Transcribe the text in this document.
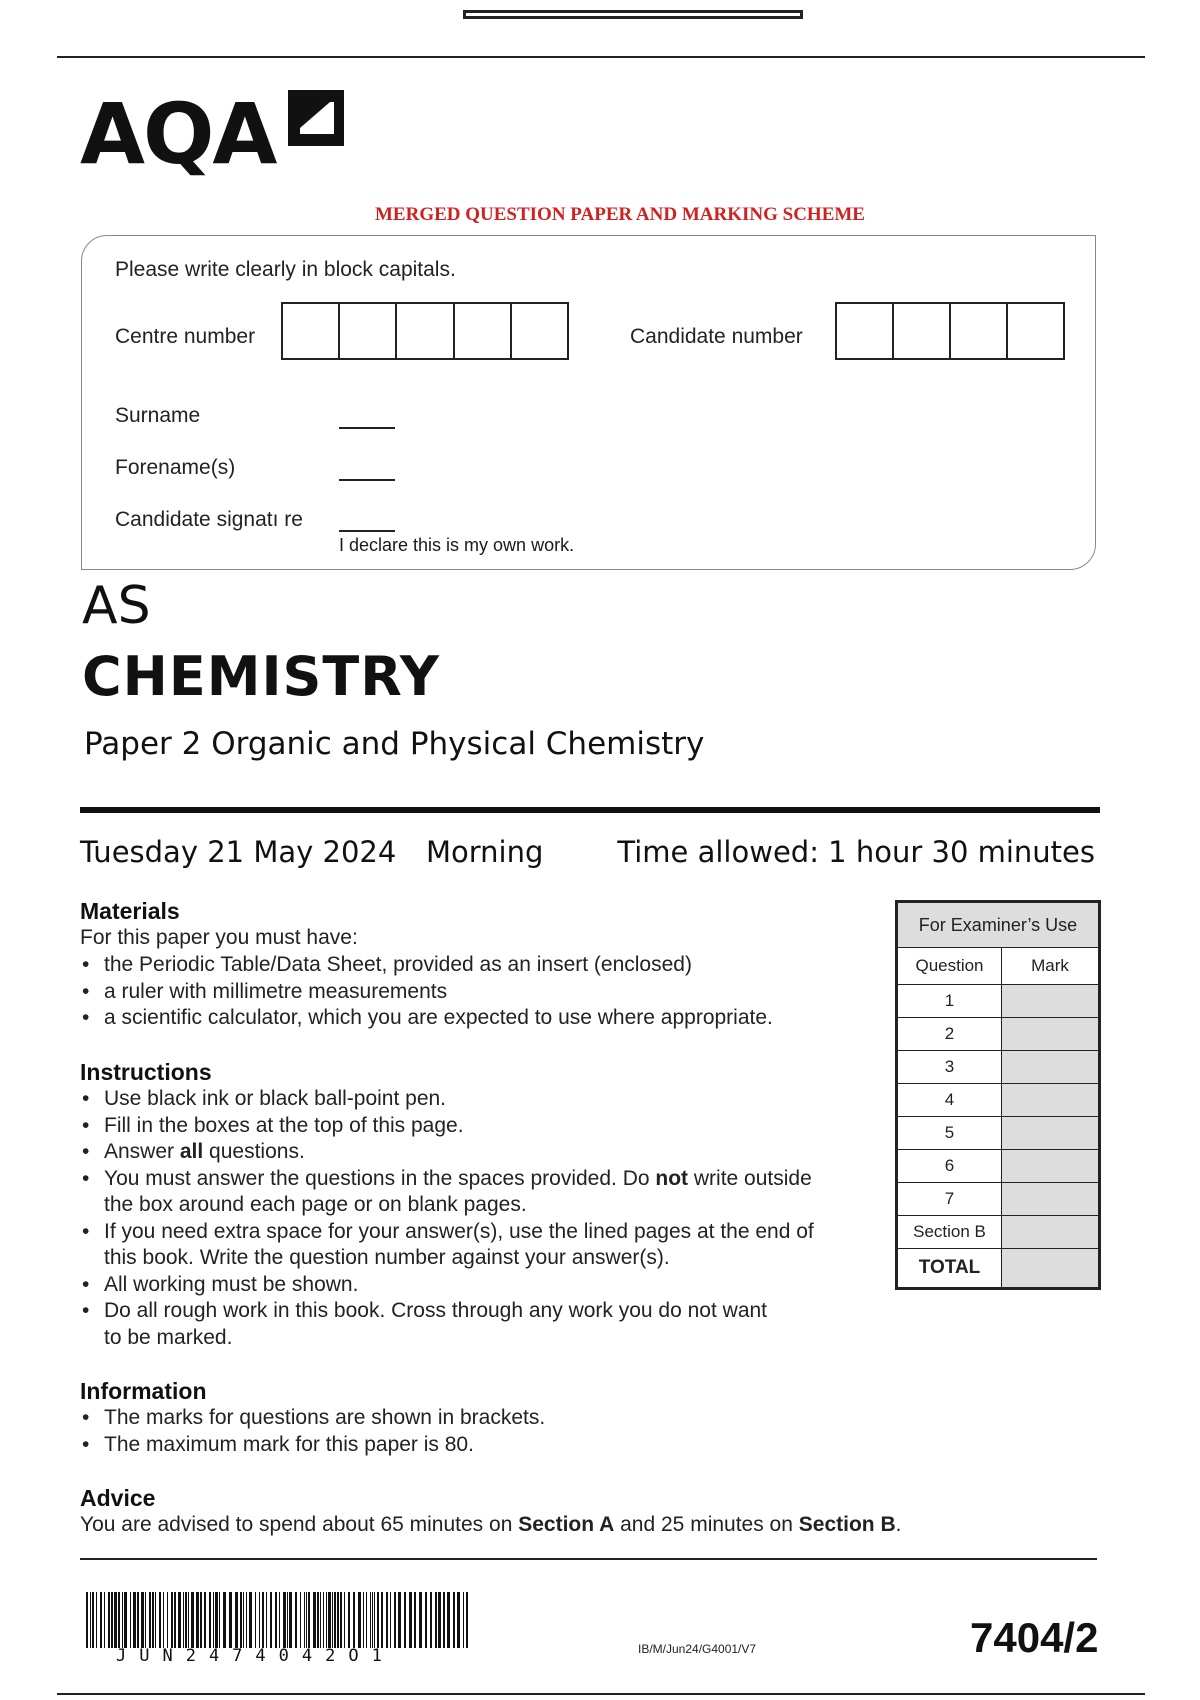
AQA
MERGED QUESTION PAPER AND MARKING SCHEME
Please write clearly in block capitals.
Centre number	Candidate number
Surname
Forename(s)
Candidate signatı re
I declare this is my own work.
AS
CHEMISTRY
Paper 2 Organic and Physical Chemistry
Tuesday 21 May 2024 Morning	Time allowed: 1 hour 30 minutes
Materials
For this paper you must have:
• the Periodic Table/Data Sheet, provided as an insert (enclosed)
• a ruler with millimetre measurements
• a scientific calculator, which you are expected to use where appropriate.
Instructions
• Use black ink or black ball-point pen.
• Fill in the boxes at the top of this page.
• Answer all questions.
• You must answer the questions in the spaces provided. Do not write outside the box around each page or on blank pages.
• If you need extra space for your answer(s), use the lined pages at the end of this book. Write the question number against your answer(s).
• All working must be shown.
• Do all rough work in this book. Cross through any work you do not want to be marked.
Information
• The marks for questions are shown in brackets.
• The maximum mark for this paper is 80.
Advice
You are advised to spend about 65 minutes on Section A and 25 minutes on Section B.
For Examiner’s Use	
Question	Mark
1	
2	
3	
4	
5	
6	
7	
Section B	
TOTAL	
JUN2474042O1	IB/M/Jun24/G4001/V7	7404/2
